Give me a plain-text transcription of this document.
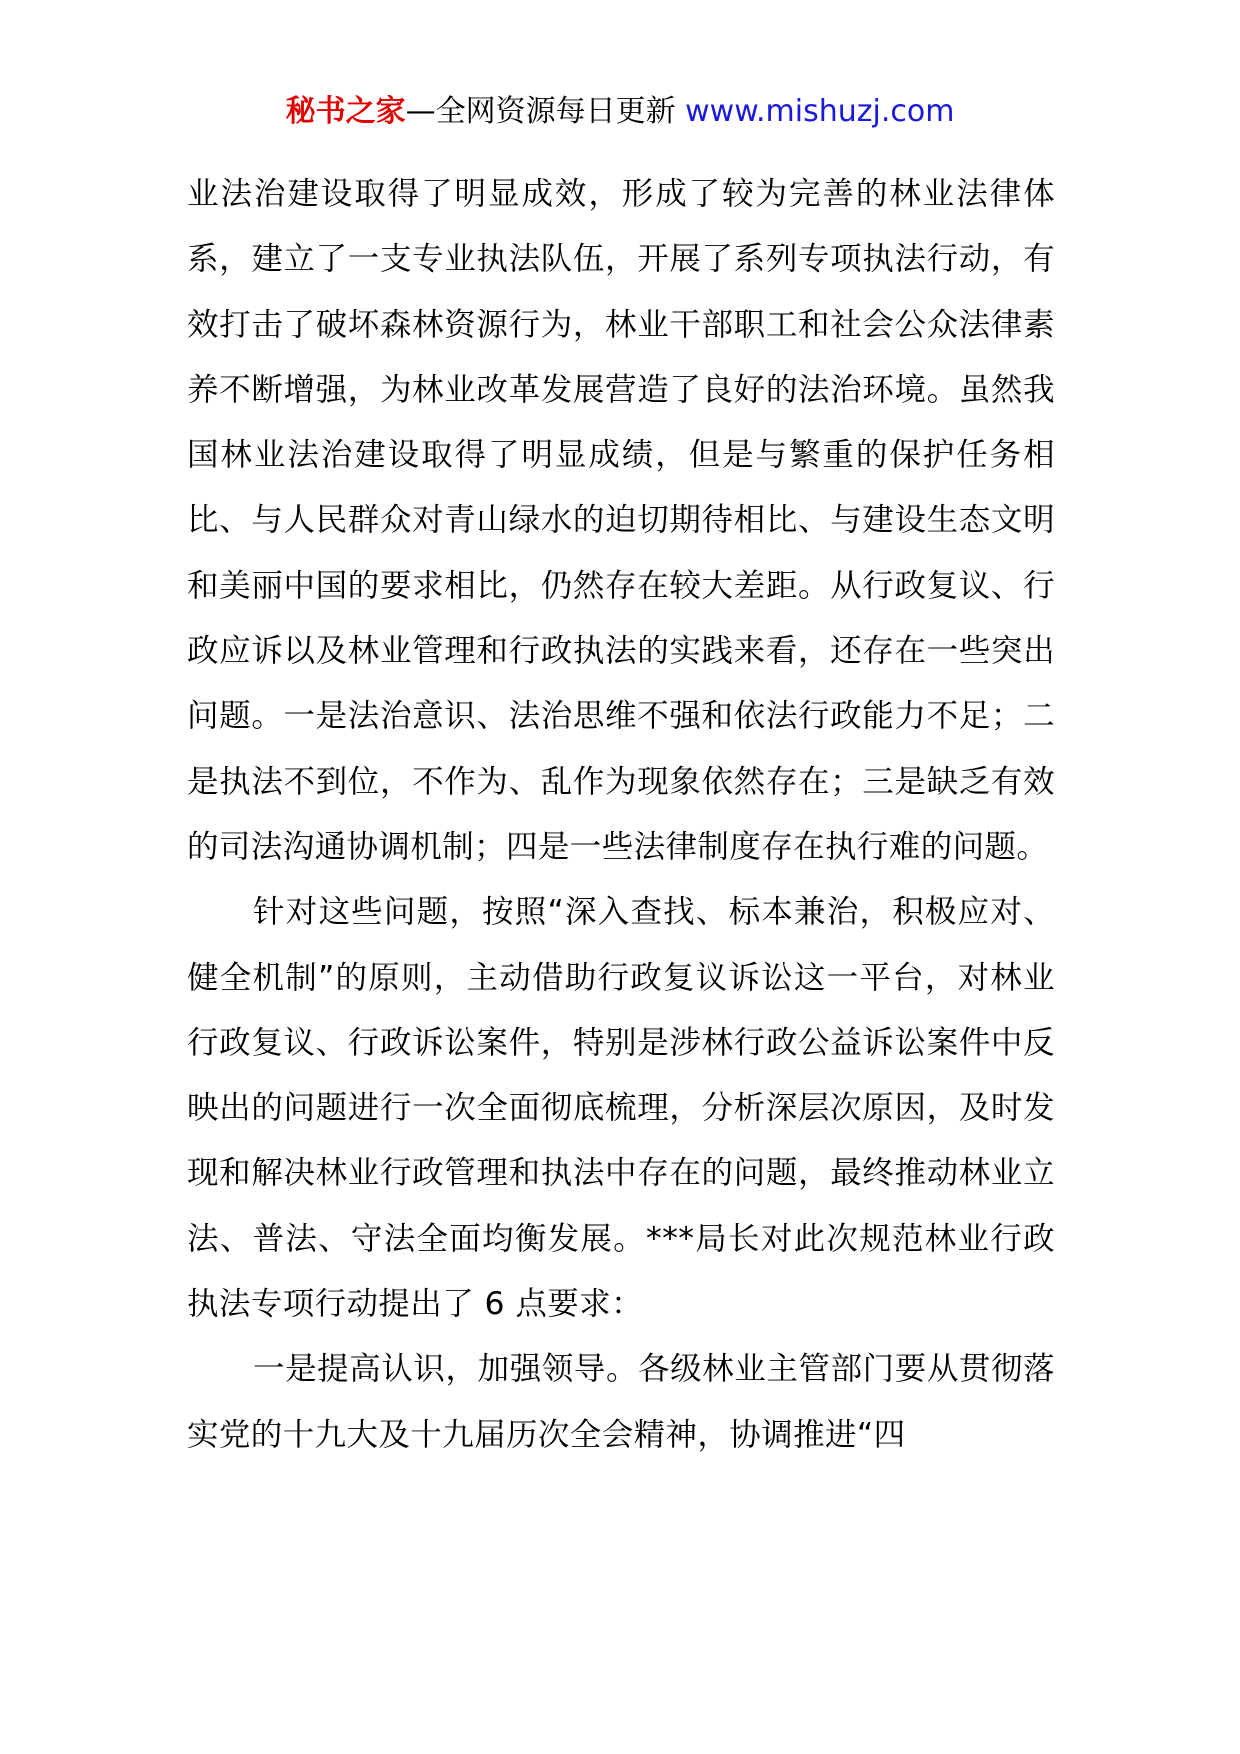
秘书之家—全网资源每日更新 www.mishuzj.com

业法治建设取得了明显成效，形成了较为完善的林业法律体系，建立了一支专业执法队伍，开展了系列专项执法行动，有效打击了破坏森林资源行为，林业干部职工和社会公众法律素养不断增强，为林业改革发展营造了良好的法治环境。虽然我国林业法治建设取得了明显成绩，但是与繁重的保护任务相比、与人民群众对青山绿水的迫切期待相比、与建设生态文明和美丽中国的要求相比，仍然存在较大差距。从行政复议、行政应诉以及林业管理和行政执法的实践来看，还存在一些突出问题。一是法治意识、法治思维不强和依法行政能力不足；二是执法不到位，不作为、乱作为现象依然存在；三是缺乏有效的司法沟通协调机制；四是一些法律制度存在执行难的问题。

针对这些问题，按照“深入查找、标本兼治，积极应对、健全机制”的原则，主动借助行政复议诉讼这一平台，对林业行政复议、行政诉讼案件，特别是涉林行政公益诉讼案件中反映出的问题进行一次全面彻底梳理，分析深层次原因，及时发现和解决林业行政管理和执法中存在的问题，最终推动林业立法、普法、守法全面均衡发展。***局长对此次规范林业行政执法专项行动提出了 6 点要求：

一是提高认识，加强领导。各级林业主管部门要从贯彻落实党的十九大及十九届历次全会精神，协调推进“四
